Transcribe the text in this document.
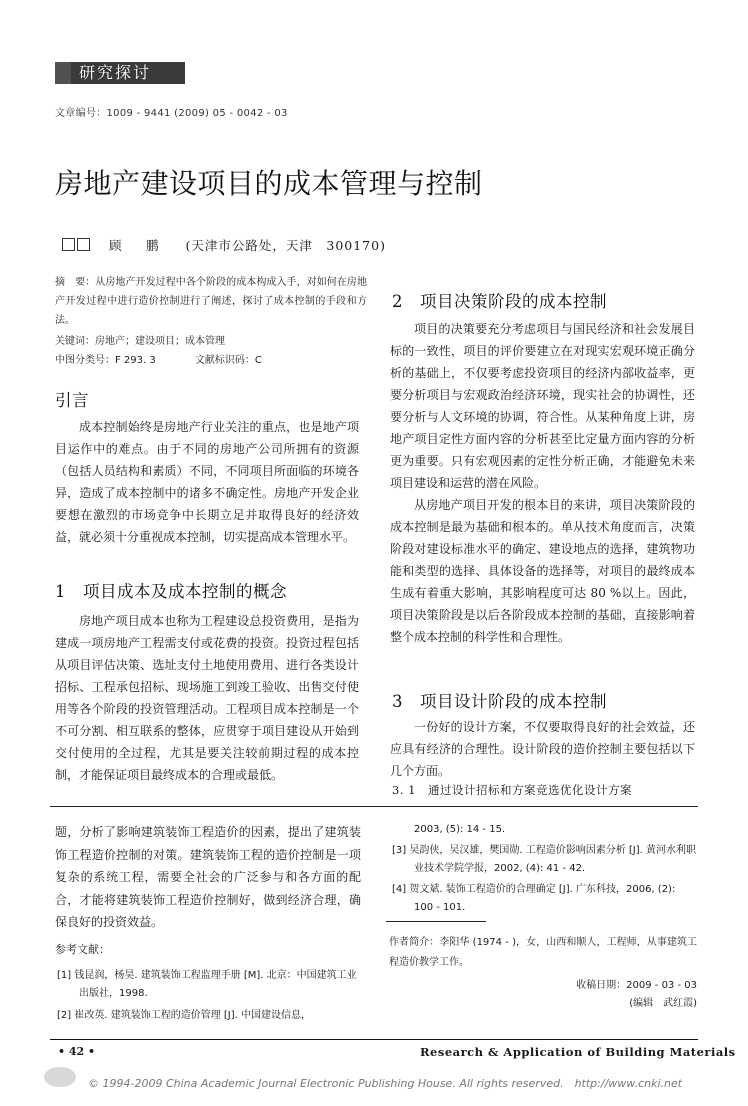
研究探讨
文章编号：1009 - 9441 (2009) 05 - 0042 - 03
房地产建设项目的成本管理与控制
顾　鹏 (天津市公路处，天津　300170)
摘　要：从房地产开发过程中各个阶段的成本构成入手，对如何在房地产开发过程中进行造价控制进行了阐述，探讨了成本控制的手段和方法。
关键词：房地产；建设项目；成本管理
中图分类号：F 293. 3	文献标识码：C
引言

成本控制始终是房地产行业关注的重点，也是地产项目运作中的难点。由于不同的房地产公司所拥有的资源（包括人员结构和素质）不同，不同项目所面临的环境各异，造成了成本控制中的诸多不确定性。房地产开发企业要想在激烈的市场竞争中长期立足并取得良好的经济效益，就必须十分重视成本控制，切实提高成本管理水平。

1　项目成本及成本控制的概念

房地产项目成本也称为工程建设总投资费用，是指为建成一项房地产工程需支付或花费的投资。投资过程包括从项目评估决策、选址支付土地使用费用、进行各类设计招标、工程承包招标、现场施工到竣工验收、出售交付使用等各个阶段的投资管理活动。工程项目成本控制是一个不可分割、相互联系的整体，应贯穿于项目建设从开始到交付使用的全过程，尤其是要关注较前期过程的成本控制，才能保证项目最终成本的合理或最低。

2　项目决策阶段的成本控制

项目的决策要充分考虑项目与国民经济和社会发展目标的一致性，项目的评价要建立在对现实宏观环境正确分析的基础上，不仅要考虑投资项目的经济内部收益率，更要分析项目与宏观政治经济环境，现实社会的协调性，还要分析与人文环境的协调，符合性。从某种角度上讲，房地产项目定性方面内容的分析甚至比定量方面内容的分析更为重要。只有宏观因素的定性分析正确，才能避免未来项目建设和运营的潜在风险。

从房地产项目开发的根本目的来讲，项目决策阶段的成本控制是最为基础和根本的。单从技术角度而言，决策阶段对建设标准水平的确定、建设地点的选择，建筑物功能和类型的选择、具体设备的选择等，对项目的最终成本生成有着重大影响，其影响程度可达 80 %以上。因此，项目决策阶段是以后各阶段成本控制的基础，直接影响着整个成本控制的科学性和合理性。

3　项目设计阶段的成本控制

一份好的设计方案，不仅要取得良好的社会效益，还应具有经济的合理性。设计阶段的造价控制主要包括以下几个方面。

3. 1　通过设计招标和方案竞选优化设计方案

题，分析了影响建筑装饰工程造价的因素，提出了建筑装饰工程造价控制的对策。建筑装饰工程的造价控制是一项复杂的系统工程，需要全社会的广泛参与和各方面的配合，才能将建筑装饰工程造价控制好，做到经济合理，确保良好的投资效益。

参考文献：

[1] 钱昆润，杨昊. 建筑装饰工程监理手册 [M]. 北京：中国建筑工业出版社，1998.

[2] 崔改英. 建筑装饰工程的造价管理 [J]. 中国建设信息，

2003, (5): 14 - 15.

[3] 吴韵侠，吴汉雄，樊国勋. 工程造价影响因素分析 [J]. 黄河水利职业技术学院学报，2002, (4): 41 - 42.

[4] 贺文斌. 装饰工程造价的合理确定 [J]. 广东科技，2006, (2): 100 - 101.

作者简介：李阳华 (1974 - )，女，山西和顺人，工程师，从事建筑工程造价教学工作。
收稿日期：2009 - 03 - 03
(编辑　武红霞)
• 42 •	Research & Application of Building Materials
© 1994-2009 China Academic Journal Electronic Publishing House. All rights reserved.　http://www.cnki.net
